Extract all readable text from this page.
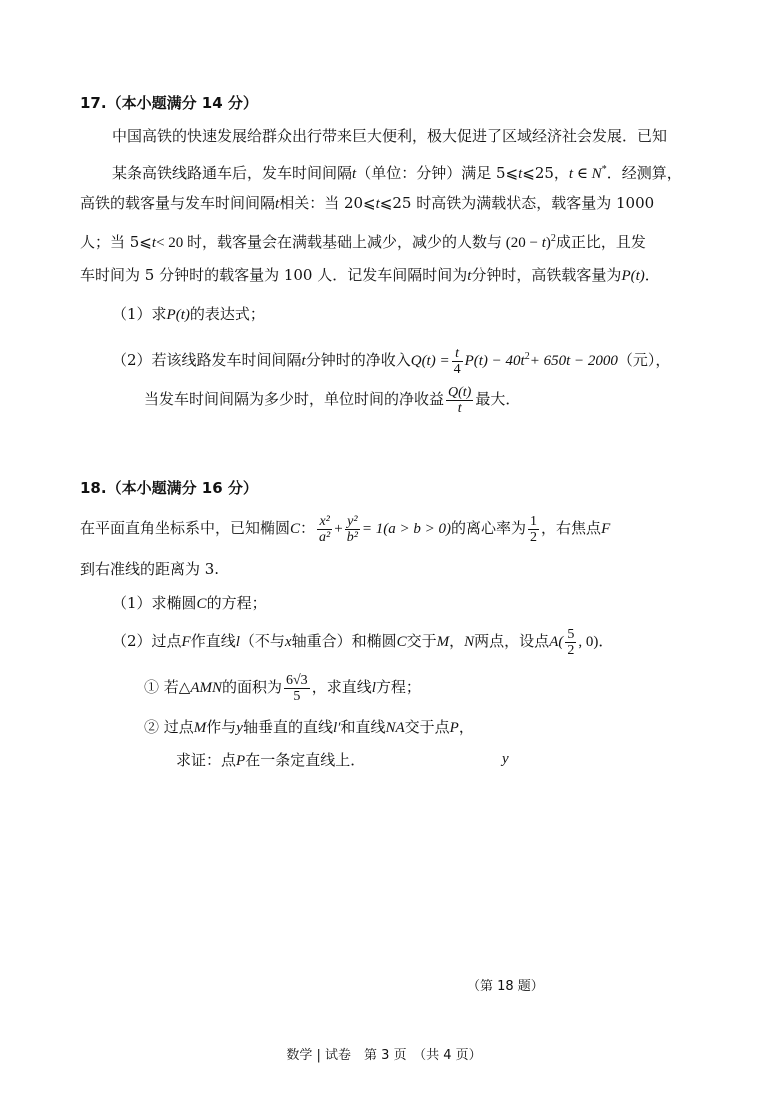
17.（本小题满分 14 分）
中国高铁的快速发展给群众出行带来巨大便利，极大促进了区域经济社会发展．已知
某条高铁线路通车后，发车时间间隔t（单位：分钟）满足 5⩽t⩽25，t ∈ N*．经测算，
高铁的载客量与发车时间间隔t相关：当 20⩽t⩽25 时高铁为满载状态，载客量为 1000
人；当 5⩽t< 20 时，载客量会在满载基础上减少，减少的人数与 $(20 - t)^2$成正比，且发
车时间为 5 分钟时的载客量为 100 人．记发车间隔时间为t分钟时，高铁载客量为P(t)．
（1）求P(t)的表达式；
（2）若该线路发车时间间隔t分钟时的净收入$Q(t) = \frac{t}{4} P(t) - 40t^2+ 650t - 2000$（元），
当发车时间间隔为多少时，单位时间的净收益 $\frac{Q(t)}{t}$ 最大．
18.（本小题满分 16 分）
在平面直角坐标系中，已知椭圆C： $\frac{\text{x²}}{\text{a²}} + \frac{\text{y²}}{\text{b²}} = 1(a > b > 0)$的离心率为 $\frac{1}{2}$ ，右焦点F
到右准线的距离为 3.
（1）求椭圆C的方程；
（2）过点F作直线l（不与x轴重合）和椭圆C交于M，N两点，设点$A( \frac{5}{2}$ , 0)．
① 若△AMN的面积为 $\frac{6√3}{5}$ ，求直线l方程；
② 过点M作与y轴垂直的直线l′和直线NA交于点P，
求证：点P在一条定直线上．	y
（第 18 题）
数学 | 试卷　第 3 页　（共 4 页）
